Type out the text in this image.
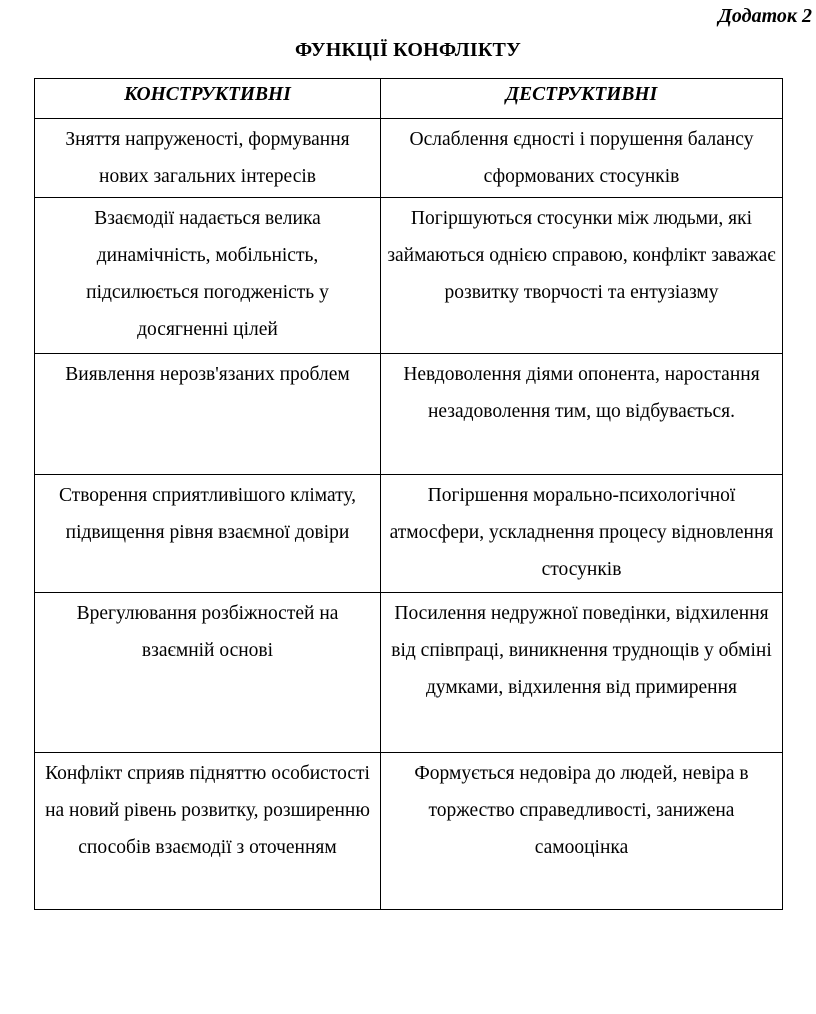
Додаток 2
ФУНКЦІЇ КОНФЛІКТУ
КОНСТРУКТИВНІ	ДЕСТРУКТИВНІ
Зняття напруженості, формування нових загальних інтересів	Ослаблення єдності і порушення балансу сформованих стосунків
Взаємодії надається велика динамічність, мобільність, підсилюється погодженість у досягненні цілей	Погіршуються стосунки між людьми, які займаються однією справою, конфлікт заважає розвитку творчості та ентузіазму
Виявлення нерозв'язаних проблем	Невдоволення діями опонента, наростання незадоволення тим, що відбувається.
Створення сприятливішого клімату, підвищення рівня взаємної довіри	Погіршення морально-психологічної атмосфери, ускладнення процесу відновлення стосунків
Врегулювання розбіжностей на взаємній основі	Посилення недружної поведінки, відхилення від співпраці, виникнення труднощів у обміні думками, відхилення від примирення
Конфлікт сприяв підняттю особистості на новий рівень розвитку, розширенню способів взаємодії з оточенням	Формується недовіра до людей, невіра в торжество справедливості, занижена самооцінка
